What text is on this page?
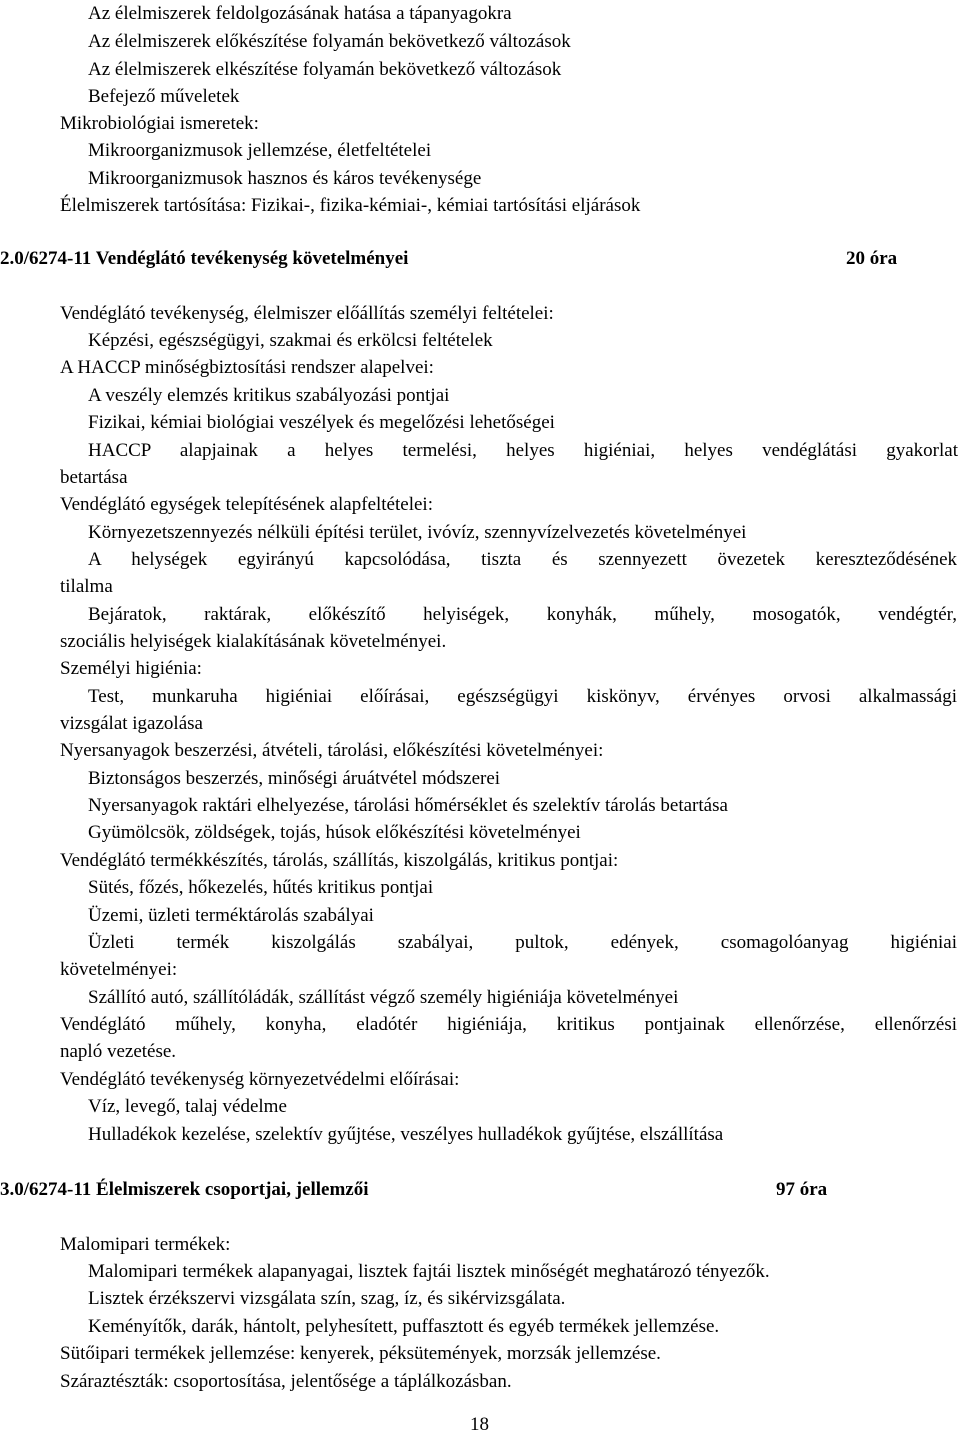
Az élelmiszerek feldolgozásának hatása a tápanyagokra

Az élelmiszerek előkészítése folyamán bekövetkező változások

Az élelmiszerek elkészítése folyamán bekövetkező változások

Befejező műveletek

Mikrobiológiai ismeretek:

Mikroorganizmusok jellemzése, életfeltételei

Mikroorganizmusok hasznos és káros tevékenysége

Élelmiszerek tartósítása: Fizikai-, fizika-kémiai-, kémiai tartósítási eljárások

2.0/6274-11 Vendéglátó tevékenység követelményei	20 óra

Vendéglátó tevékenység, élelmiszer előállítás személyi feltételei:

Képzési, egészségügyi, szakmai és erkölcsi feltételek

A HACCP minőségbiztosítási rendszer alapelvei:

A veszély elemzés kritikus szabályozási pontjai

Fizikai, kémiai biológiai veszélyek és megelőzési lehetőségei

HACCP alapjainak a helyes termelési, helyes higiéniai, helyes vendéglátási gyakorlat

betartása

Vendéglátó egységek telepítésének alapfeltételei:

Környezetszennyezés nélküli építési terület, ivóvíz, szennyvízelvezetés követelményei

A helységek egyirányú kapcsolódása, tiszta és szennyezett övezetek kereszteződésének

tilalma

Bejáratok, raktárak, előkészítő helyiségek, konyhák, műhely, mosogatók, vendégtér,

szociális helyiségek kialakításának követelményei.

Személyi higiénia:

Test, munkaruha higiéniai előírásai, egészségügyi kiskönyv, érvényes orvosi alkalmassági

vizsgálat igazolása

Nyersanyagok beszerzési, átvételi, tárolási, előkészítési követelményei:

Biztonságos beszerzés, minőségi áruátvétel módszerei

Nyersanyagok raktári elhelyezése, tárolási hőmérséklet és szelektív tárolás betartása

Gyümölcsök, zöldségek, tojás, húsok előkészítési követelményei

Vendéglátó termékkészítés, tárolás, szállítás, kiszolgálás, kritikus pontjai:

Sütés, főzés, hőkezelés, hűtés kritikus pontjai

Üzemi, üzleti terméktárolás szabályai

Üzleti termék kiszolgálás szabályai, pultok, edények, csomagolóanyag higiéniai

követelményei:

Szállító autó, szállítóládák, szállítást végző személy higiéniája követelményei

Vendéglátó műhely, konyha, eladótér higiéniája, kritikus pontjainak ellenőrzése, ellenőrzési

napló vezetése.

Vendéglátó tevékenység környezetvédelmi előírásai:

Víz, levegő, talaj védelme

Hulladékok kezelése, szelektív gyűjtése, veszélyes hulladékok gyűjtése, elszállítása

3.0/6274-11 Élelmiszerek csoportjai, jellemzői	97 óra

Malomipari termékek:

Malomipari termékek alapanyagai, lisztek fajtái lisztek minőségét meghatározó tényezők.

Lisztek érzékszervi vizsgálata szín, szag, íz, és sikérvizsgálata.

Keményítők, darák, hántolt, pelyhesített, puffasztott és egyéb termékek jellemzése.

Sütőipari termékek jellemzése: kenyerek, péksütemények, morzsák jellemzése.

Száraztészták: csoportosítása, jelentősége a táplálkozásban.

18
